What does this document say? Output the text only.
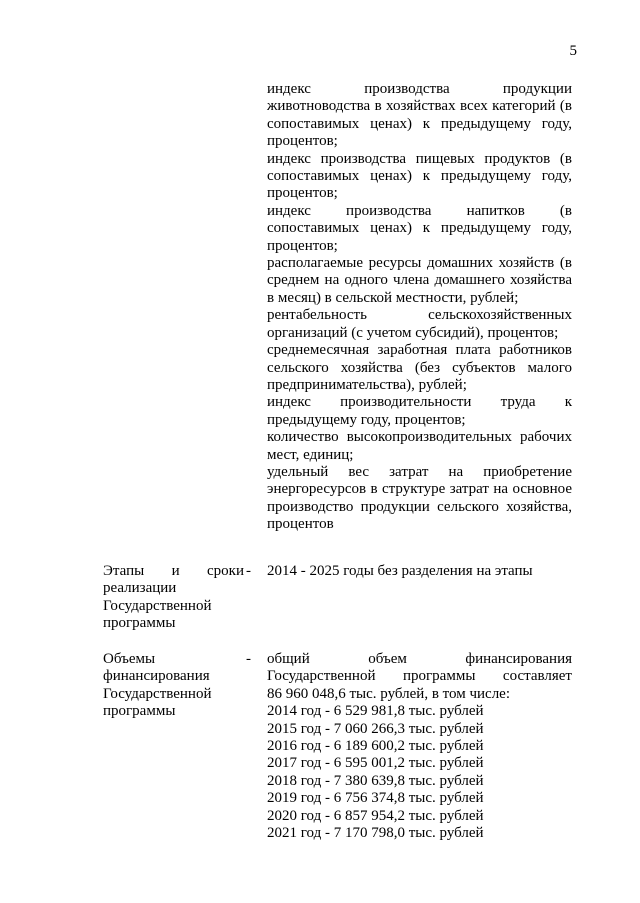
5
индекс производства продукции животноводства в хозяйствах всех категорий (в сопоставимых ценах) к предыдущему году, процентов;
индекс производства пищевых продуктов (в сопоставимых ценах) к предыдущему году, процентов;
индекс производства напитков (в сопоставимых ценах) к предыдущему году, процентов;
располагаемые ресурсы домашних хозяйств (в среднем на одного члена домашнего хозяйства в месяц) в сельской местности, рублей;
рентабельность сельскохозяйственных организаций (с учетом субсидий), процентов;
среднемесячная заработная плата работников сельского хозяйства (без субъектов малого предпринимательства), рублей;
индекс производительности труда к предыдущему году, процентов;
количество высокопроизводительных рабочих мест, единиц;
удельный вес затрат на приобретение энергоресурсов в структуре затрат на основное производство продукции сельского хозяйства, процентов
Этапы и сроки
реализации Государственной программы
- 2014 - 2025 годы без разделения на этапы
Объемы финансирования Государственной программы
- общий	объем	финансирования
Государственной программы составляет
86 960 048,6 тыс. рублей, в том числе:
2014 год - 6 529 981,8 тыс. рублей
2015 год - 7 060 266,3 тыс. рублей
2016 год - 6 189 600,2 тыс. рублей
2017 год - 6 595 001,2 тыс. рублей
2018 год - 7 380 639,8 тыс. рублей
2019 год - 6 756 374,8 тыс. рублей
2020 год - 6 857 954,2 тыс. рублей
2021 год - 7 170 798,0 тыс. рублей
